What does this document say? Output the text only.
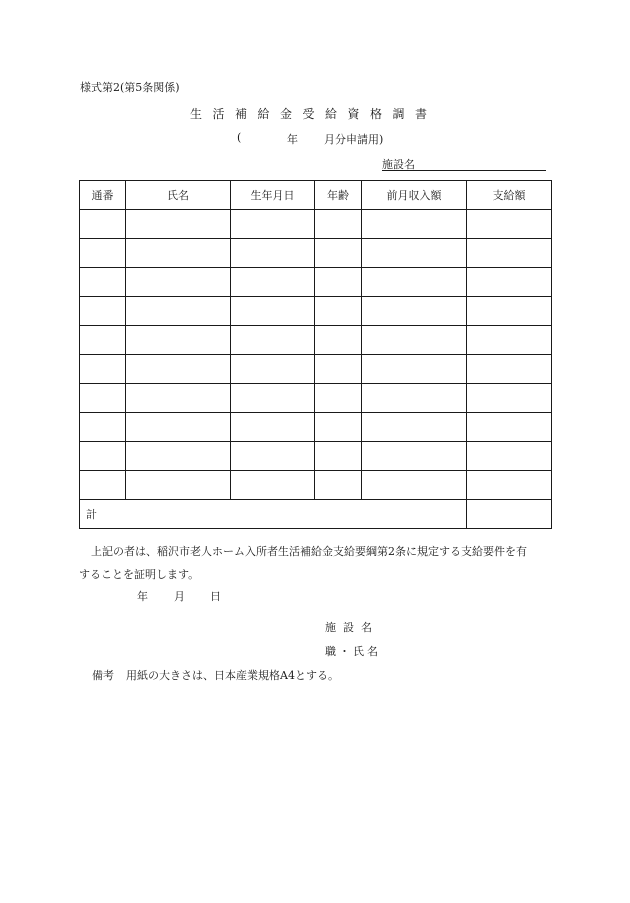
様式第2(第5条関係)
生活補給金受給資格調書
(	年 月分申請用)
施設名
通番	氏名	生年月日	年齢	前月収入額	支給額

計					
上記の者は、稲沢市老人ホーム入所者生活補給金支給要綱第2条に規定する支給要件を有
することを証明します。
年 月 日
施設名
職・氏名
備考 用紙の大きさは、日本産業規格A4とする。
